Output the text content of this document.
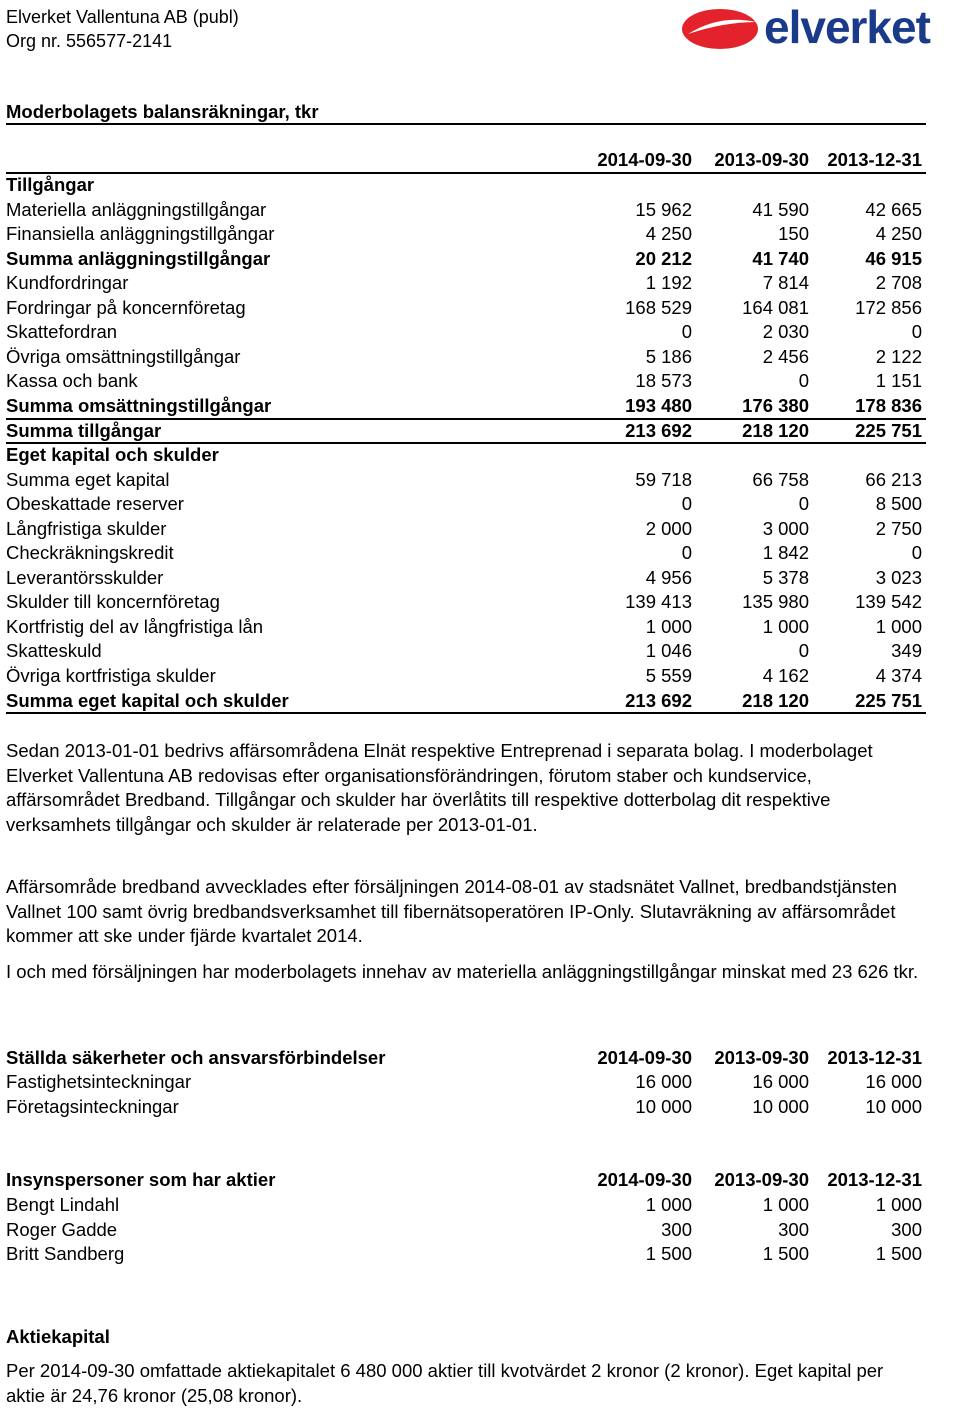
Elverket Vallentuna AB (publ)
Org nr. 556577-2141	elverket
Moderbolagets balansräkningar, tkr
2014-09-30	2013-09-30 2013-12-31
Tillgångar
Materiella anläggningstillgångar	15 962	41 590	42 665
Finansiella anläggningstillgångar	4 250	150	4 250
Summa anläggningstillgångar	20 212	41 740	46 915
Kundfordringar	1 192	7 814	2 708
Fordringar på koncernföretag	168 529	164 081	172 856
Skattefordran	0	2 030	0
Övriga omsättningstillgångar	5 186	2 456	2 122
Kassa och bank	18 573	0	1 151
Summa omsättningstillgångar	193 480	176 380	178 836
Summa tillgångar	213 692	218 120	225 751
Eget kapital och skulder
Summa eget kapital	59 718	66 758	66 213
Obeskattade reserver	0	0	8 500
Långfristiga skulder	2 000	3 000	2 750
Checkräkningskredit	0	1 842	0
Leverantörsskulder	4 956	5 378	3 023
Skulder till koncernföretag	139 413	135 980	139 542
Kortfristig del av långfristiga lån	1 000	1 000	1 000
Skatteskuld	1 046	0	349
Övriga kortfristiga skulder	5 559	4 162	4 374
Summa eget kapital och skulder	213 692	218 120	225 751
Sedan 2013-01-01 bedrivs affärsområdena Elnät respektive Entreprenad i separata bolag. I moderbolaget Elverket Vallentuna AB redovisas efter organisationsförändringen, förutom staber och kundservice, affärsområdet Bredband. Tillgångar och skulder har överlåtits till respektive dotterbolag dit respektive verksamhets tillgångar och skulder är relaterade per 2013-01-01.
Affärsområde bredband avvecklades efter försäljningen 2014-08-01 av stadsnätet Vallnet, bredbandstjänsten Vallnet 100 samt övrig bredbandsverksamhet till fibernätsoperatören IP-Only. Slutavräkning av affärsområdet kommer att ske under fjärde kvartalet 2014.
I och med försäljningen har moderbolagets innehav av materiella anläggningstillgångar minskat med 23 626 tkr.
Ställda säkerheter och ansvarsförbindelser	2014-09-30	2013-09-30 2013-12-31
Fastighetsinteckningar	16 000	16 000	16 000
Företagsinteckningar	10 000	10 000	10 000
Insynspersoner som har aktier	2014-09-30	2013-09-30 2013-12-31
Bengt Lindahl	1 000	1 000	1 000
Roger Gadde	300	300	300
Britt Sandberg	1 500	1 500	1 500
Aktiekapital
Per 2014-09-30 omfattade aktiekapitalet 6 480 000 aktier till kvotvärdet 2 kronor (2 kronor). Eget kapital per aktie är 24,76 kronor (25,08 kronor).
